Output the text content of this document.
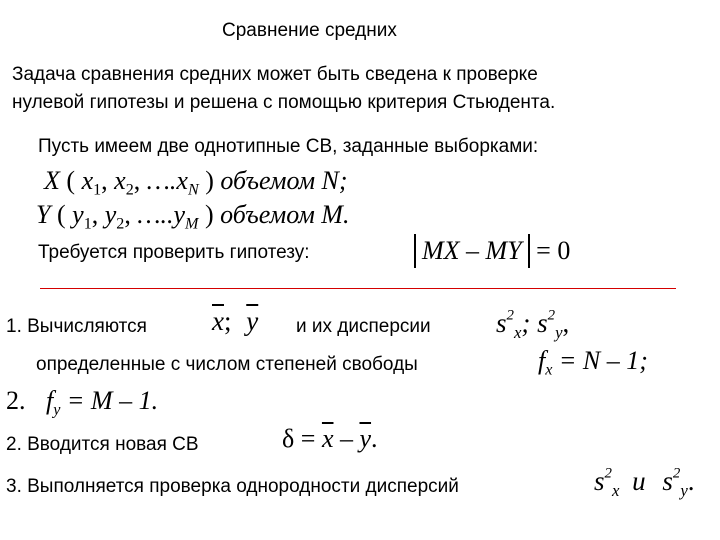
Сравнение средних
Задача сравнения средних может быть сведена к проверке
нулевой гипотезы и решена с помощью критерия Стьюдента.
Пусть имеем две однотипные СВ, заданные выборками:
X ( $x_1$, $x_2$, $\dots.x_N$ ) объемом N;
Y ( $y_1$, $y_2$, $\dots..y_M$ ) объемом M.
Требуется проверить гипотезу:	MX – MY = 0
1. Вычисляются $\overline{x}$; $\overline{y}$ и их дисперсии $s^2_x$; $s^2_y$,
определенные с числом степеней свободы	$f_x = N - 1$;
2. $f_y = M - 1$.
2. Вводится новая СВ	$\delta = \overline{x} - \overline{y}$.
3. Выполняется проверка однородности дисперсий	$s^2_x$ и $s^2_y$.
